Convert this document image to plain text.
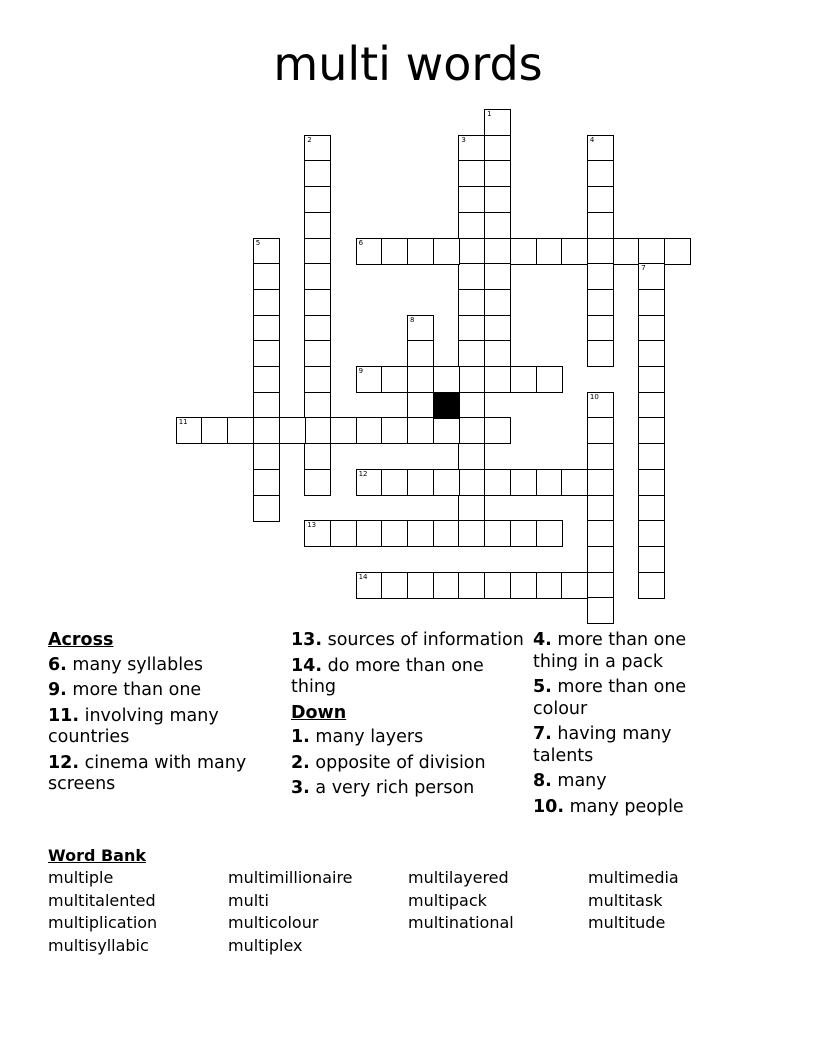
multi words
1
2	3	4
5	6
7
8
9
10
11
12
13
14
Across
6. many syllables
9. more than one
11. involving many countries
12. cinema with many screens
13. sources of information
14. do more than one thing
Down
1. many layers
2. opposite of division
3. a very rich person
4. more than one thing in a pack
5. more than one colour
7. having many talents
8. many
10. many people
Word Bank
multiple	multimillionaire	multilayered	multimedia
multitalented	multi	multipack	multitask
multiplication	multicolour	multinational	multitude
multisyllabic	multiplex
